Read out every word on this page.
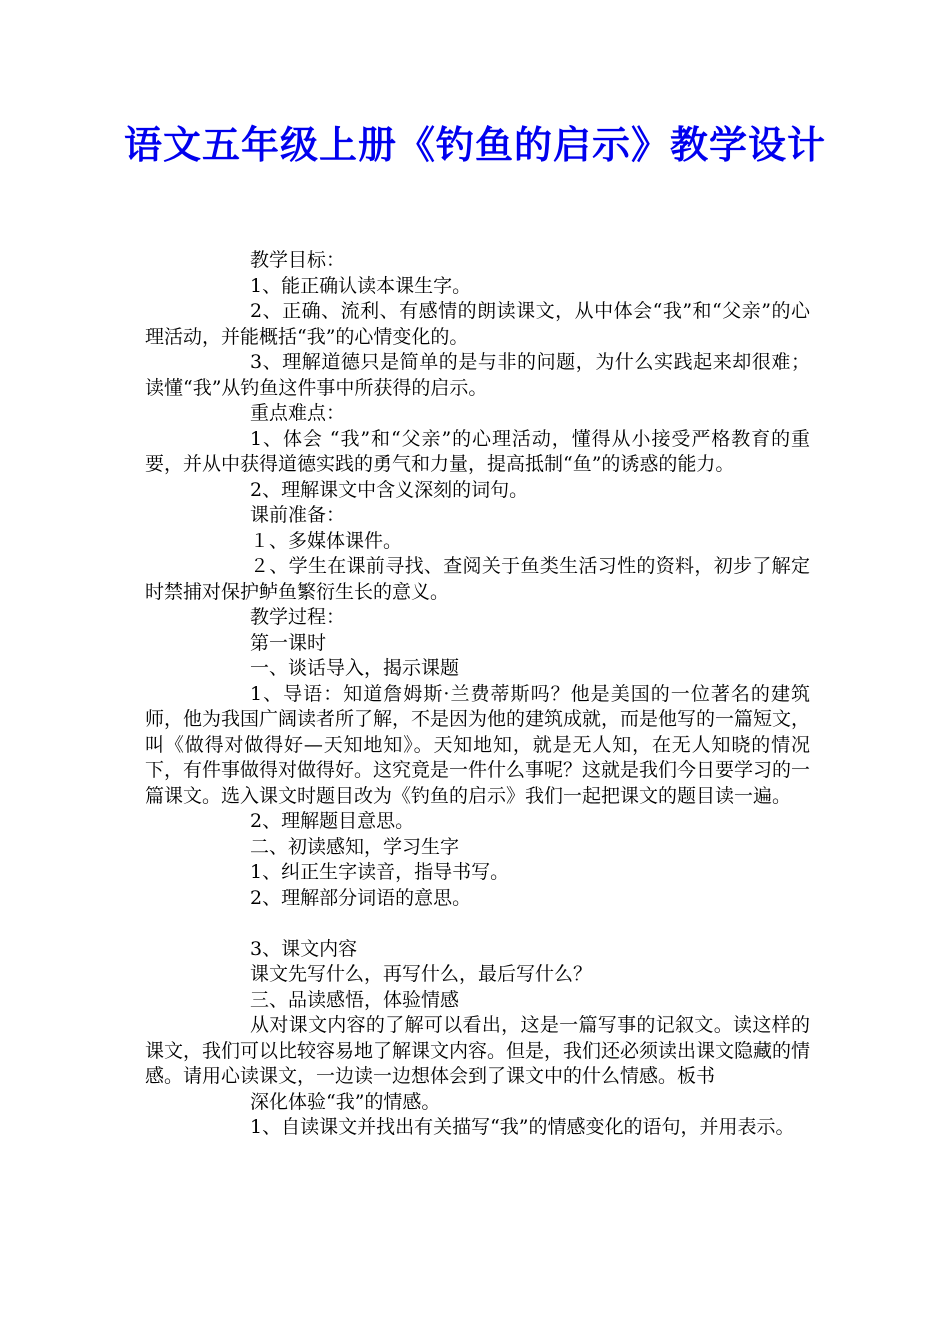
语文五年级上册《钓鱼的启示》教学设计

教学目标：

1、能正确认读本课生字。

2、正确、流利、有感情的朗读课文，从中体会“我”和“父亲”的心理活动，并能概括“我”的心情变化的。

3、理解道德只是简单的是与非的问题，为什么实践起来却很难；读懂“我”从钓鱼这件事中所获得的启示。

重点难点：

1、体会 “我”和“父亲”的心理活动，懂得从小接受严格教育的重要，并从中获得道德实践的勇气和力量，提高抵制“鱼”的诱惑的能力。

2、理解课文中含义深刻的词句。

课前准备：

１、多媒体课件。

２、学生在课前寻找、查阅关于鱼类生活习性的资料，初步了解定时禁捕对保护鲈鱼繁衍生长的意义。

教学过程：

第一课时

一、谈话导入，揭示课题

1、导语：知道詹姆斯·兰费蒂斯吗？他是美国的一位著名的建筑师，他为我国广阔读者所了解，不是因为他的建筑成就，而是他写的一篇短文，叫《做得对做得好—天知地知》。天知地知，就是无人知，在无人知晓的情况下，有件事做得对做得好。这究竟是一件什么事呢？这就是我们今日要学习的一篇课文。选入课文时题目改为《钓鱼的启示》我们一起把课文的题目读一遍。

2、理解题目意思。

二、初读感知，学习生字

1、纠正生字读音，指导书写。

2、理解部分词语的意思。

3、课文内容

课文先写什么，再写什么，最后写什么？

三、品读感悟，体验情感

从对课文内容的了解可以看出，这是一篇写事的记叙文。读这样的课文，我们可以比较容易地了解课文内容。但是，我们还必须读出课文隐藏的情感。请用心读课文，一边读一边想体会到了课文中的什么情感。板书

深化体验“我”的情感。

1、自读课文并找出有关描写“我”的情感变化的语句，并用表示。
